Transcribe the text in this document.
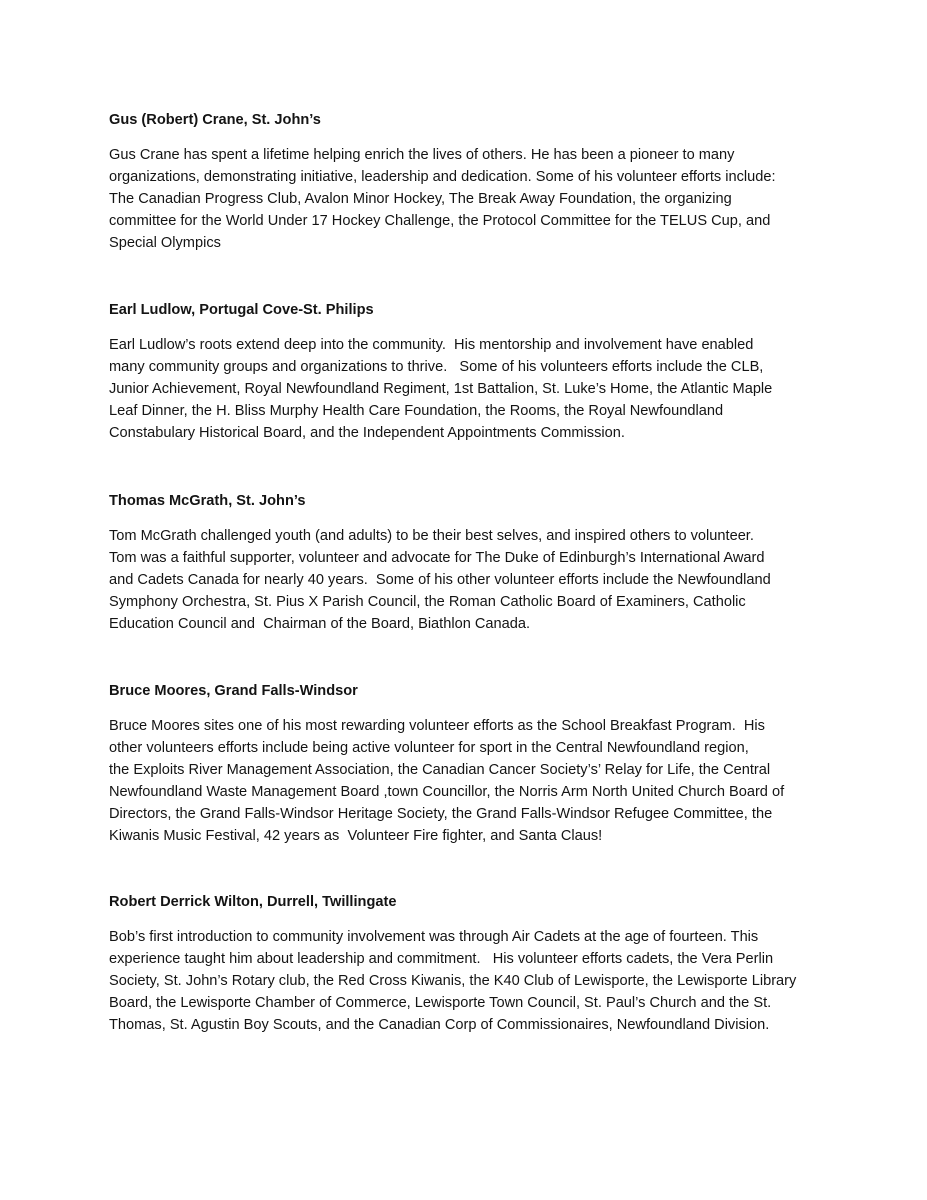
Gus (Robert) Crane, St. John’s

Gus Crane has spent a lifetime helping enrich the lives of others. He has been a pioneer to many
organizations, demonstrating initiative, leadership and dedication. Some of his volunteer efforts include:
The Canadian Progress Club, Avalon Minor Hockey, The Break Away Foundation, the organizing
committee for the World Under 17 Hockey Challenge, the Protocol Committee for the TELUS Cup, and
Special Olympics

Earl Ludlow, Portugal Cove-St. Philips

Earl Ludlow’s roots extend deep into the community.  His mentorship and involvement have enabled
many community groups and organizations to thrive.   Some of his volunteers efforts include the CLB,
Junior Achievement, Royal Newfoundland Regiment, 1st Battalion, St. Luke’s Home, the Atlantic Maple
Leaf Dinner, the H. Bliss Murphy Health Care Foundation, the Rooms, the Royal Newfoundland
Constabulary Historical Board, and the Independent Appointments Commission.

Thomas McGrath, St. John’s

Tom McGrath challenged youth (and adults) to be their best selves, and inspired others to volunteer.
Tom was a faithful supporter, volunteer and advocate for The Duke of Edinburgh’s International Award
and Cadets Canada for nearly 40 years.  Some of his other volunteer efforts include the Newfoundland
Symphony Orchestra, St. Pius X Parish Council, the Roman Catholic Board of Examiners, Catholic
Education Council and  Chairman of the Board, Biathlon Canada.

Bruce Moores, Grand Falls-Windsor

Bruce Moores sites one of his most rewarding volunteer efforts as the School Breakfast Program.  His
other volunteers efforts include being active volunteer for sport in the Central Newfoundland region,
the Exploits River Management Association, the Canadian Cancer Society’s’ Relay for Life, the Central
Newfoundland Waste Management Board ,town Councillor, the Norris Arm North United Church Board of
Directors, the Grand Falls-Windsor Heritage Society, the Grand Falls-Windsor Refugee Committee, the
Kiwanis Music Festival, 42 years as  Volunteer Fire fighter, and Santa Claus!

Robert Derrick Wilton, Durrell, Twillingate

Bob’s first introduction to community involvement was through Air Cadets at the age of fourteen. This
experience taught him about leadership and commitment.   His volunteer efforts cadets, the Vera Perlin
Society, St. John’s Rotary club, the Red Cross Kiwanis, the K40 Club of Lewisporte, the Lewisporte Library
Board, the Lewisporte Chamber of Commerce, Lewisporte Town Council, St. Paul’s Church and the St.
Thomas, St. Agustin Boy Scouts, and the Canadian Corp of Commissionaires, Newfoundland Division.
